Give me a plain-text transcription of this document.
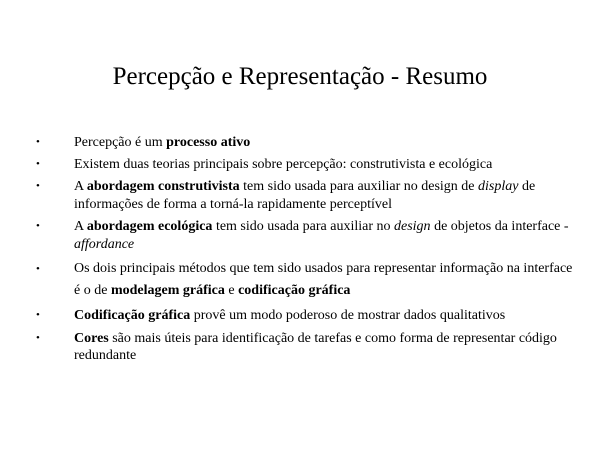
Percepção e Representação - Resumo
•	Percepção é um processo ativo
•	Existem duas teorias principais sobre percepção: construtivista e ecológica
•	A abordagem construtivista tem sido usada para auxiliar no design de display de informações de forma a torná-la rapidamente perceptível
•	A abordagem ecológica tem sido usada para auxiliar no design de objetos da interface - affordance
•	Os dois principais métodos que tem sido usados para representar informação na interface é o de modelagem gráfica e codificação gráfica
•	Codificação gráfica provê um modo poderoso de mostrar dados qualitativos
•	Cores são mais úteis para identificação de tarefas e como forma de representar código redundante
